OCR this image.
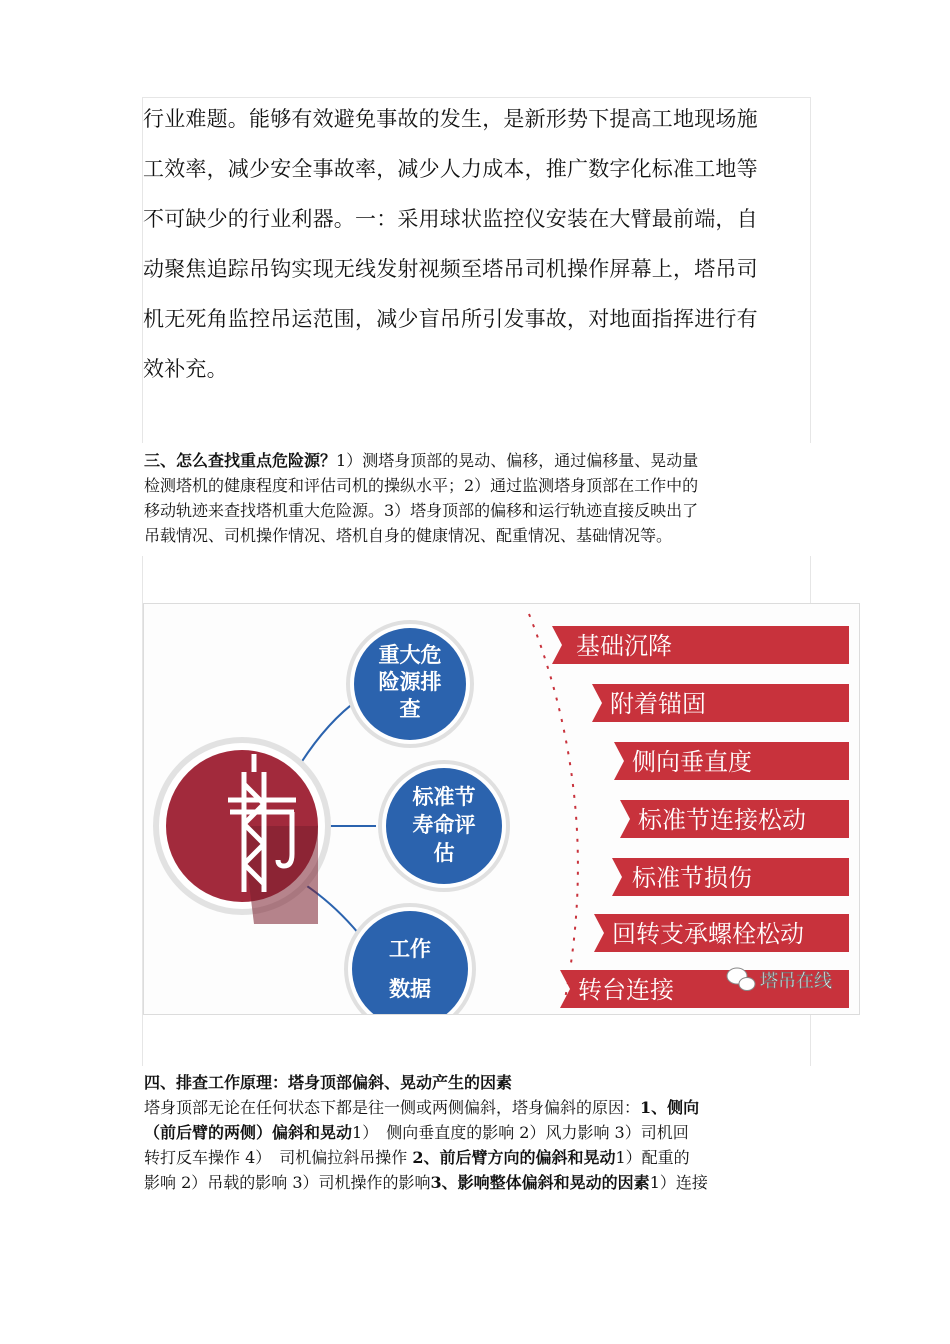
行业难题。能够有效避免事故的发生，是新形势下提高工地现场施
工效率，减少安全事故率，减少人力成本，推广数字化标准工地等
不可缺少的行业利器。一：采用球状监控仪安装在大臂最前端，自
动聚焦追踪吊钩实现无线发射视频至塔吊司机操作屏幕上，塔吊司
机无死角监控吊运范围，减少盲吊所引发事故，对地面指挥进行有
效补充。
三、怎么查找重点危险源？1）测塔身顶部的晃动、偏移，通过偏移量、晃动量
检测塔机的健康程度和评估司机的操纵水平；2）通过监测塔身顶部在工作中的
移动轨迹来查找塔机重大危险源。3）塔身顶部的偏移和运行轨迹直接反映出了
吊载情况、司机操作情况、塔机自身的健康情况、配重情况、基础情况等。
重大危
险源排
查
标准节
寿命评
估
工作
数据
基础沉降
附着锚固
侧向垂直度
标准节连接松动
标准节损伤
回转支承螺栓松动
转台连接	塔吊在线
四、排查工作原理：塔身顶部偏斜、晃动产生的因素
塔身顶部无论在任何状态下都是往一侧或两侧偏斜，塔身偏斜的原因：1、侧向
（前后臂的两侧）偏斜和晃动1）　侧向垂直度的影响 2）风力影响 3）司机回
转打反车操作 4）　司机偏拉斜吊操作 2、前后臂方向的偏斜和晃动1）配重的
影响 2）吊载的影响 3）司机操作的影响3、影响整体偏斜和晃动的因素1）连接
